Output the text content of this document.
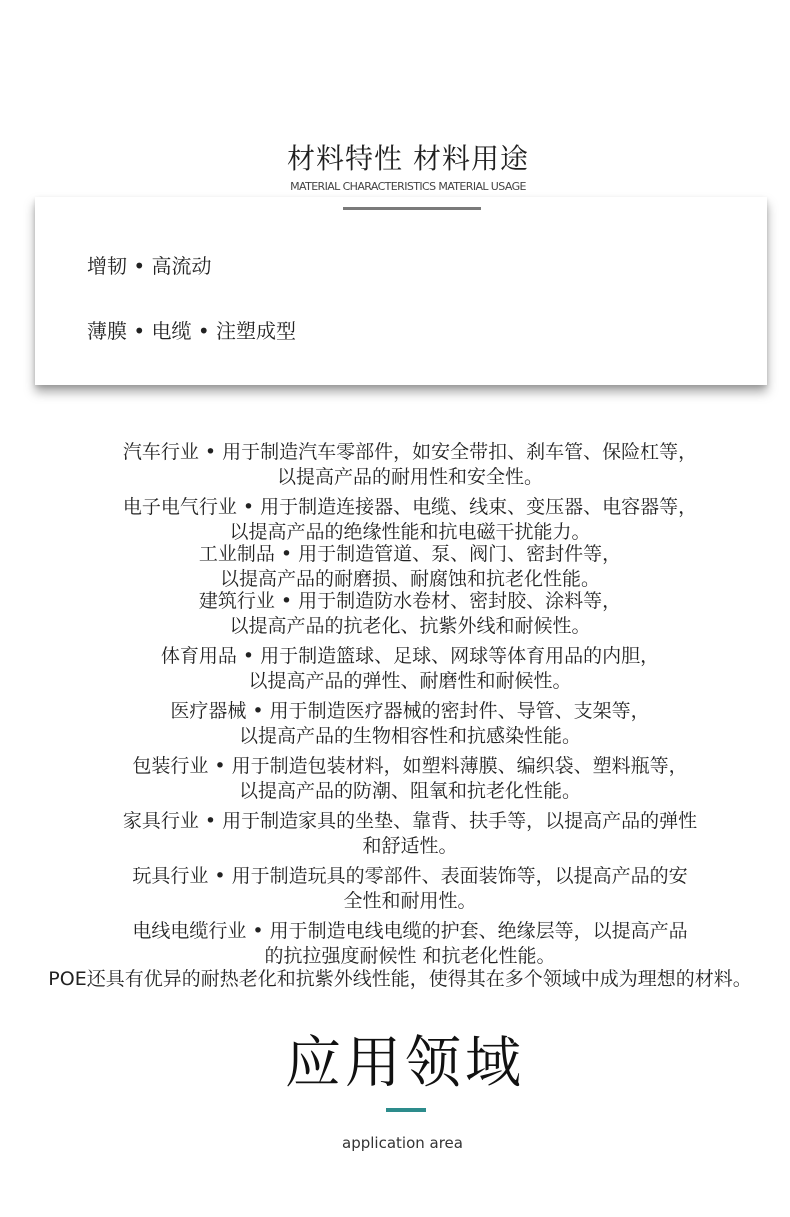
材料特性 材料用途
MATERIAL CHARACTERISTICS MATERIAL USAGE
增韧 • 高流动
薄膜 • 电缆 • 注塑成型
汽车行业 • 用于制造汽车零部件，如安全带扣、刹车管、保险杠等，
以提高产品的耐用性和安全性。
电子电气行业 • 用于制造连接器、电缆、线束、变压器、电容器等，
以提高产品的绝缘性能和抗电磁干扰能力。
工业制品 • 用于制造管道、泵、阀门、密封件等，
以提高产品的耐磨损、耐腐蚀和抗老化性能。
建筑行业 • 用于制造防水卷材、密封胶、涂料等，
以提高产品的抗老化、抗紫外线和耐候性。
体育用品 • 用于制造篮球、足球、网球等体育用品的内胆，
以提高产品的弹性、耐磨性和耐候性。
医疗器械 • 用于制造医疗器械的密封件、导管、支架等，
以提高产品的生物相容性和抗感染性能。
包装行业 • 用于制造包装材料，如塑料薄膜、编织袋、塑料瓶等，
以提高产品的防潮、阻氧和抗老化性能。
家具行业 • 用于制造家具的坐垫、靠背、扶手等，以提高产品的弹性
和舒适性。
玩具行业 • 用于制造玩具的零部件、表面装饰等，以提高产品的安
全性和耐用性。
电线电缆行业 • 用于制造电线电缆的护套、绝缘层等，以提高产品
的抗拉强度耐候性 和抗老化性能。
POE还具有优异的耐热老化和抗紫外线性能，使得其在多个领域中成为理想的材料。
应用领域
application area
